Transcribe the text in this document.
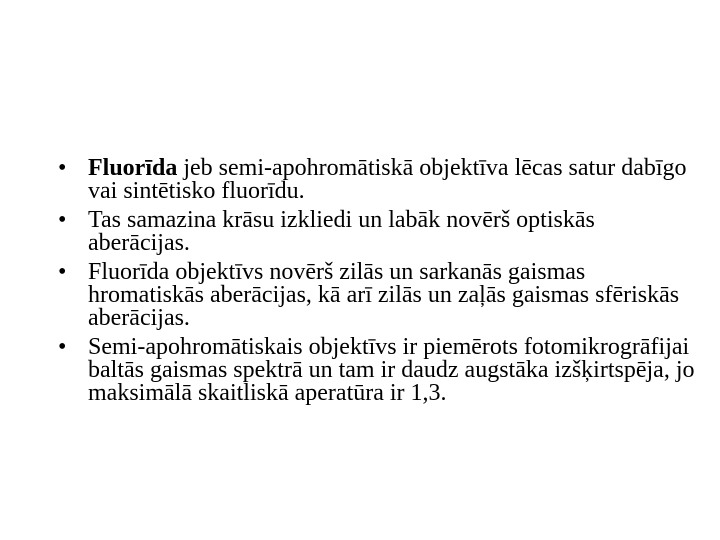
• Fluorīda jeb semi-apohromātiskā objektīva lēcas satur dabīgo vai sintētisko fluorīdu.
• Tas samazina krāsu izkliedi un labāk novērš optiskās aberācijas.
• Fluorīda objektīvs novērš zilās un sarkanās gaismas hromatiskās aberācijas, kā arī zilās un zaļās gaismas sfēriskās aberācijas.
• Semi-apohromātiskais objektīvs ir piemērots fotomikrogrāfijai baltās gaismas spektrā un tam ir daudz augstāka izšķirtspēja, jo maksimālā skaitliskā aperatūra ir 1,3.
